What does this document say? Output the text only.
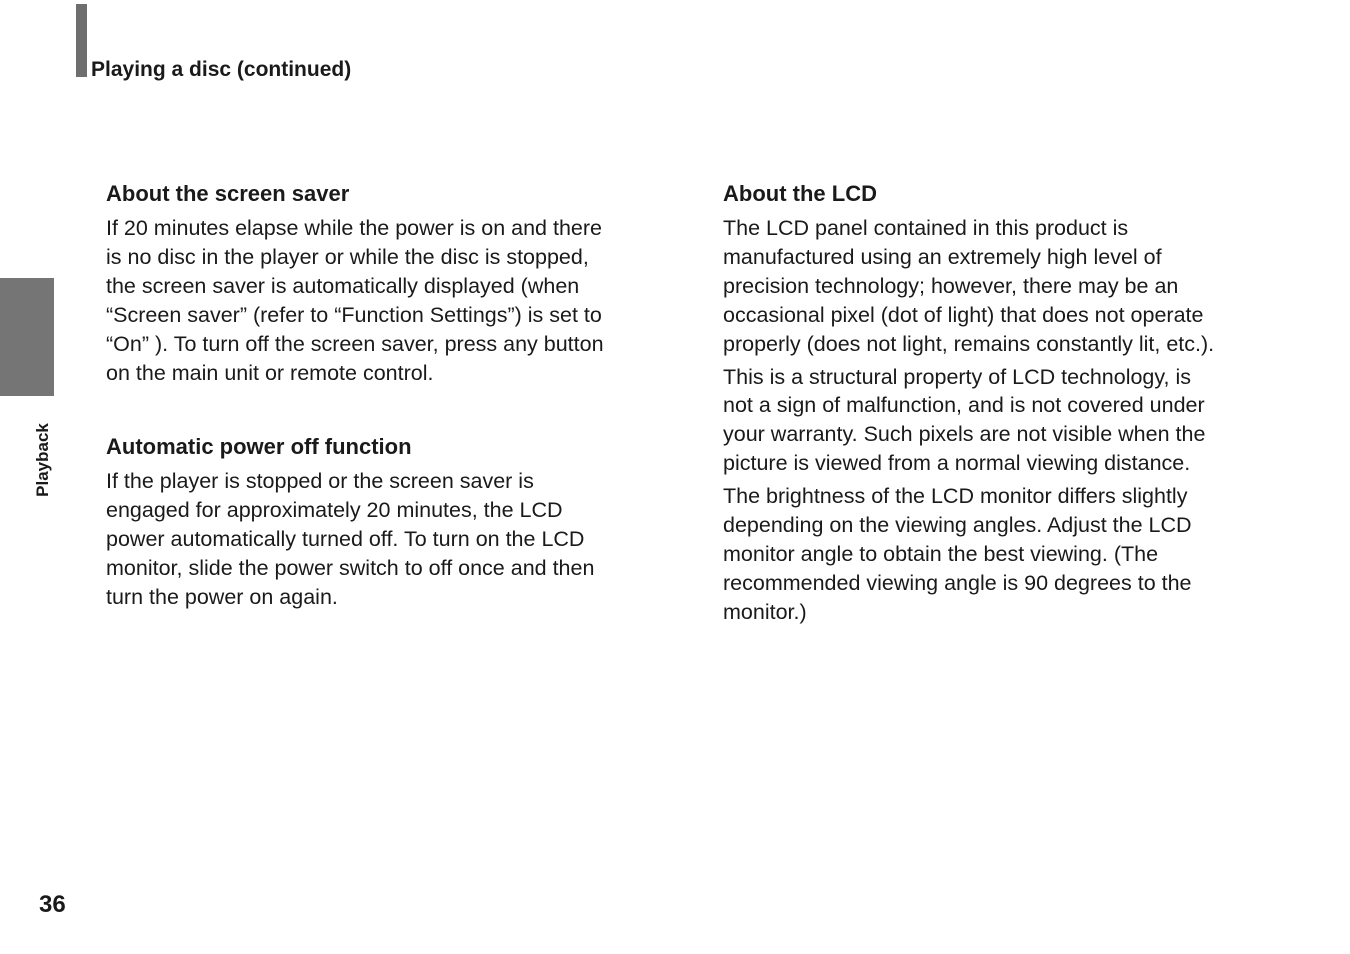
Playing a disc (continued)
Playback
About the screen saver

If 20 minutes elapse while the power is on and there
is no disc in the player or while the disc is stopped,
the screen saver is automatically displayed (when
“Screen saver” (refer to “Function Settings”) is set to
“On” ). To turn off the screen saver, press any button
on the main unit or remote control.

Automatic power off function

If the player is stopped or the screen saver is
engaged for approximately 20 minutes, the LCD
power automatically turned off. To turn on the LCD
monitor, slide the power switch to off once and then
turn the power on again.

About the LCD

The LCD panel contained in this product is
manufactured using an extremely high level of
precision technology; however, there may be an
occasional pixel (dot of light) that does not operate
properly (does not light, remains constantly lit, etc.).

This is a structural property of LCD technology, is
not a sign of malfunction, and is not covered under
your warranty. Such pixels are not visible when the
picture is viewed from a normal viewing distance.

The brightness of the LCD monitor differs slightly
depending on the viewing angles. Adjust the LCD
monitor angle to obtain the best viewing. (The
recommended viewing angle is 90 degrees to the
monitor.)

36
